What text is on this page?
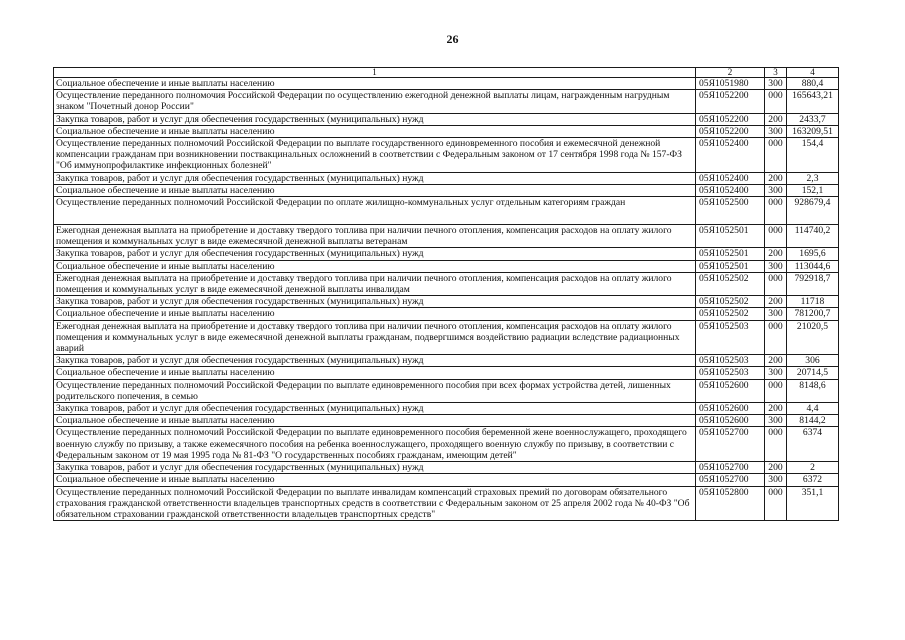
26
1	2	3	4
Социальное обеспечение и иные выплаты населению	05Я1051980	300	880,4
Осуществление переданного полномочия Российской Федерации по осуществлению ежегодной денежной выплаты лицам, награжденным нагрудным знаком "Почетный донор России"	05Я1052200	000	165643,21
Закупка товаров, работ и услуг для обеспечения государственных (муниципальных) нужд	05Я1052200	200	2433,7
Социальное обеспечение и иные выплаты населению	05Я1052200	300	163209,51
Осуществление переданных полномочий Российской Федерации по выплате государственного единовременного пособия и ежемесячной денежной компенсации гражданам при возникновении поствакцинальных осложнений в соответствии с Федеральным законом от 17 сентября 1998 года № 157-ФЗ "Об иммунопрофилактике инфекционных болезней"	05Я1052400	000	154,4
Закупка товаров, работ и услуг для обеспечения государственных (муниципальных) нужд	05Я1052400	200	2,3
Социальное обеспечение и иные выплаты населению	05Я1052400	300	152,1
Осуществление переданных полномочий Российской Федерации по оплате жилищно-коммунальных услуг отдельным категориям граждан	05Я1052500	000	928679,4
Ежегодная денежная выплата на приобретение и доставку твердого топлива при наличии печного отопления, компенсация расходов на оплату жилого помещения и коммунальных услуг в виде ежемесячной денежной выплаты ветеранам	05Я1052501	000	114740,2
Закупка товаров, работ и услуг для обеспечения государственных (муниципальных) нужд	05Я1052501	200	1695,6
Социальное обеспечение и иные выплаты населению	05Я1052501	300	113044,6
Ежегодная денежная выплата на приобретение и доставку твердого топлива при наличии печного отопления, компенсация расходов на оплату жилого помещения и коммунальных услуг в виде ежемесячной денежной выплаты инвалидам	05Я1052502	000	792918,7
Закупка товаров, работ и услуг для обеспечения государственных (муниципальных) нужд	05Я1052502	200	11718
Социальное обеспечение и иные выплаты населению	05Я1052502	300	781200,7
Ежегодная денежная выплата на приобретение и доставку твердого топлива при наличии печного отопления, компенсация расходов на оплату жилого помещения и коммунальных услуг в виде ежемесячной денежной выплаты гражданам, подвергшимся воздействию радиации вследствие радиационных аварий	05Я1052503	000	21020,5
Закупка товаров, работ и услуг для обеспечения государственных (муниципальных) нужд	05Я1052503	200	306
Социальное обеспечение и иные выплаты населению	05Я1052503	300	20714,5
Осуществление переданных полномочий Российской Федерации по выплате единовременного пособия при всех формах устройства детей, лишенных родительского попечения, в семью	05Я1052600	000	8148,6
Закупка товаров, работ и услуг для обеспечения государственных (муниципальных) нужд	05Я1052600	200	4,4
Социальное обеспечение и иные выплаты населению	05Я1052600	300	8144,2
Осуществление переданных полномочий Российской Федерации по выплате единовременного пособия беременной жене военнослужащего, проходящего военную службу по призыву, а также ежемесячного пособия на ребенка военнослужащего, проходящего военную службу по призыву, в соответствии с Федеральным законом от 19 мая 1995 года № 81-ФЗ "О государственных пособиях гражданам, имеющим детей"	05Я1052700	000	6374
Закупка товаров, работ и услуг для обеспечения государственных (муниципальных) нужд	05Я1052700	200	2
Социальное обеспечение и иные выплаты населению	05Я1052700	300	6372
Осуществление переданных полномочий Российской Федерации по выплате инвалидам компенсаций страховых премий по договорам обязательного страхования гражданской ответственности владельцев транспортных средств в соответствии с Федеральным законом от 25 апреля 2002 года № 40-ФЗ "Об обязательном страховании гражданской ответственности владельцев транспортных средств"	05Я1052800	000	351,1
